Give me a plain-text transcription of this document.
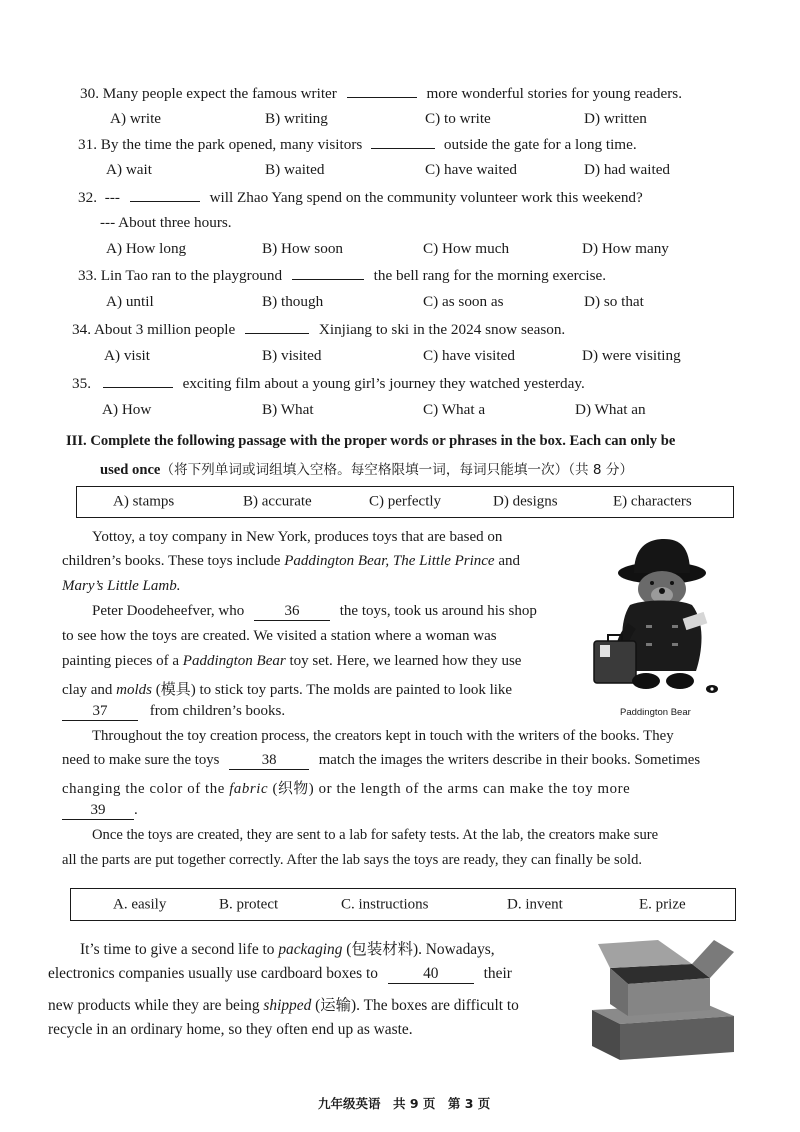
30. Many people expect the famous writer	more wonderful stories for young readers.
A) write	B) writing	C) to write	D) written
31. By the time the park opened, many visitors	outside the gate for a long time.
A) wait	B) waited	C) have waited	D) had waited
32. ---	will Zhao Yang spend on the community volunteer work this weekend?
--- About three hours.
A) How long	B) How soon	C) How much	D) How many
33. Lin Tao ran to the playground	the bell rang for the morning exercise.
A) until	B) though	C) as soon as	D) so that
34. About 3 million people	Xinjiang to ski in the 2024 snow season.
A) visit	B) visited	C) have visited	D) were visiting
35.	exciting film about a young girl’s journey they watched yesterday.
A) How	B) What	C) What a	D) What an
III. Complete the following passage with the proper words or phrases in the box. Each can only be
used once（将下列单词或词组填入空格。每空格限填一词，每词只能填一次）（共 8 分）
A) stamps	B) accurate	C) perfectly	D) designs	E) characters
Yottoy, a toy company in New York, produces toys that are based on
children’s books. These toys include Paddington Bear, The Little Prince and
Mary’s Little Lamb.
Peter Doodeheefver, who	36	the toys, took us around his shop
to see how the toys are created. We visited a station where a woman was
painting pieces of a Paddington Bear toy set. Here, we learned how they use
clay and molds (模具) to stick toy parts. The molds are painted to look like
37	from children’s books.
Throughout the toy creation process, the creators kept in touch with the writers of the books. They
need to make sure the toys	38	match the images the writers describe in their books. Sometimes
changing the color of the fabric (织物) or the length of the arms can make the toy more
39 .
Once the toys are created, they are sent to a lab for safety tests. At the lab, the creators make sure
all the parts are put together correctly. After the lab says the toys are ready, they can finally be sold.
Paddington Bear
A. easily	B. protect	C. instructions	D. invent	E. prize
It’s time to give a second life to packaging (包装材料). Nowadays,
electronics companies usually use cardboard boxes to	40	their
new products while they are being shipped (运输). The boxes are difficult to
recycle in an ordinary home, so they often end up as waste.
九年级英语　共 9 页　第 3 页
